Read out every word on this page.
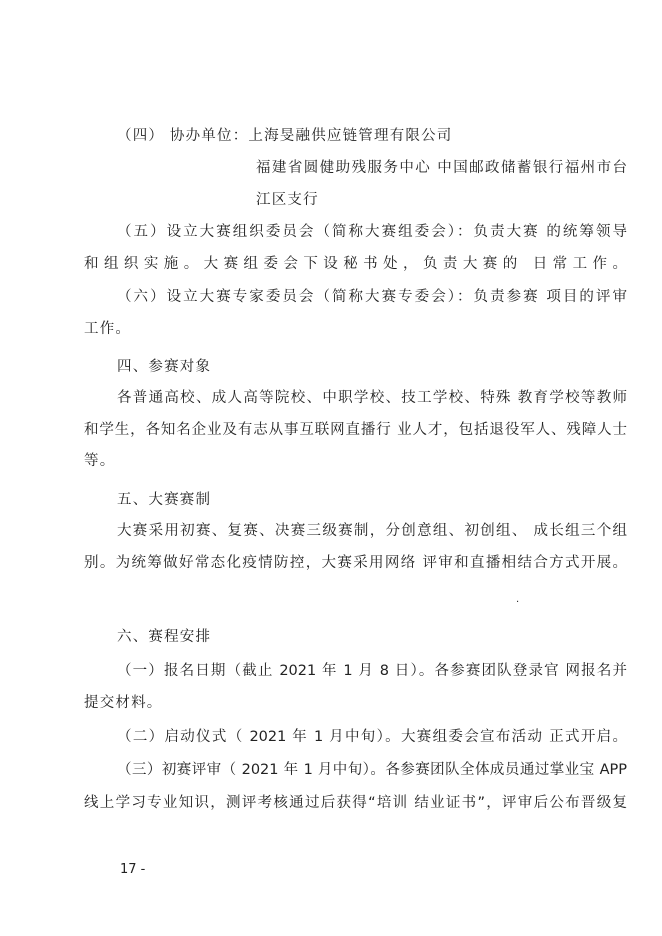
（四） 协办单位：上海旻融供应链管理有限公司
福建省圆健助残服务中心 中国邮政储蓄银行福州市台
江区支行
（五）设立大赛组织委员会（简称大赛组委会）：负责大赛 的统筹领导
和组织实施。大赛组委会下设秘书处，负责大赛的 日常工作。
（六）设立大赛专家委员会（简称大赛专委会）：负责参赛 项目的评审
工作。
四、参赛对象
各普通高校、成人高等院校、中职学校、技工学校、特殊 教育学校等教师
和学生，各知名企业及有志从事互联网直播行 业人才，包括退役军人、残障人士
等。
五、大赛赛制
大赛采用初赛、复赛、决赛三级赛制，分创意组、初创组、 成长组三个组
别。为统筹做好常态化疫情防控，大赛采用网络 评审和直播相结合方式开展。
.
六、赛程安排
（一）报名日期（截止 2021 年 1 月 8 日）。各参赛团队登录官 网报名并
提交材料。
（二）启动仪式（ 2021 年 1 月中旬）。大赛组委会宣布活动 正式开启。
（三）初赛评审（ 2021 年 1 月中旬）。各参赛团队全体成员通过掌业宝 APP
线上学习专业知识，测评考核通过后获得“培训 结业证书”，评审后公布晋级复
17 -
